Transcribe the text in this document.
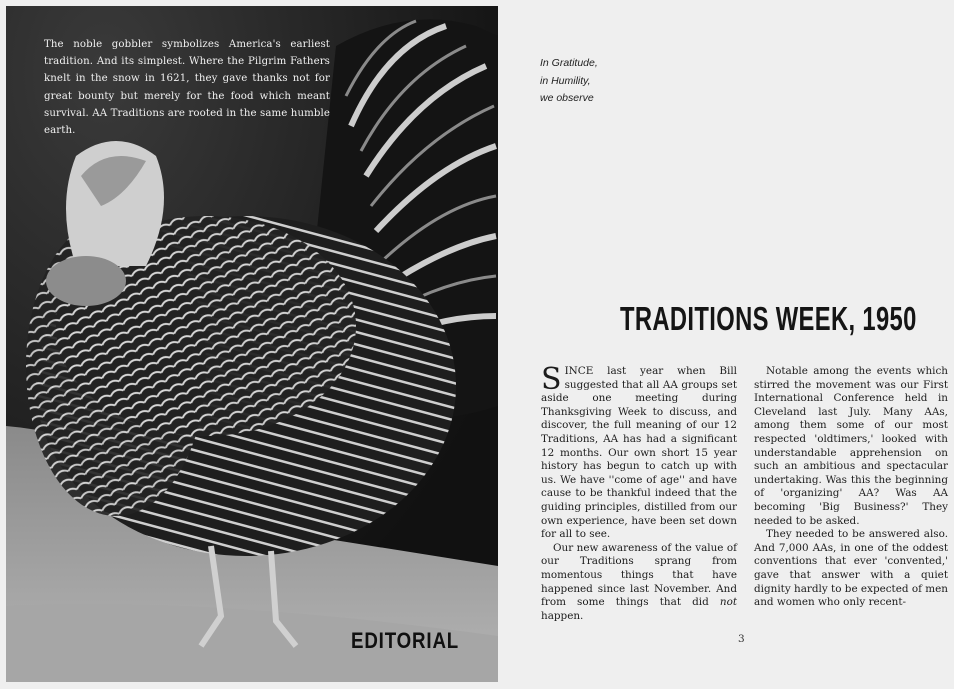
The noble gobbler symbolizes America's earliest tradition. And its simplest. Where the Pilgrim Fathers knelt in the snow in 1621, they gave thanks not for great bounty but merely for the food which meant survival. AA Traditions are rooted in the same humble earth.
EDITORIAL
In Gratitude,
in Humility,
we observe
TRADITIONS WEEK, 1950

SINCE last year when Bill suggested that all AA groups set aside one meeting during Thanksgiving Week to discuss, and discover, the full meaning of our 12 Traditions, AA has had a significant 12 months. Our own short 15 year history has begun to catch up with us. We have ''come of age'' and have cause to be thankful indeed that the guiding principles, distilled from our own experience, have been set down for all to see.

Our new awareness of the value of our Traditions sprang from momentous things that have happened since last November. And from some things that did not happen.

Notable among the events which stirred the movement was our First International Conference held in Cleveland last July. Many AAs, among them some of our most respected 'oldtimers,' looked with understandable apprehension on such an ambitious and spectacular undertaking. Was this the beginning of 'organizing' AA? Was AA becoming 'Big Business?' They needed to be asked.

They needed to be answered also. And 7,000 AAs, in one of the oddest conventions that ever 'convented,' gave that answer with a quiet dignity hardly to be expected of men and women who only recent-

3
